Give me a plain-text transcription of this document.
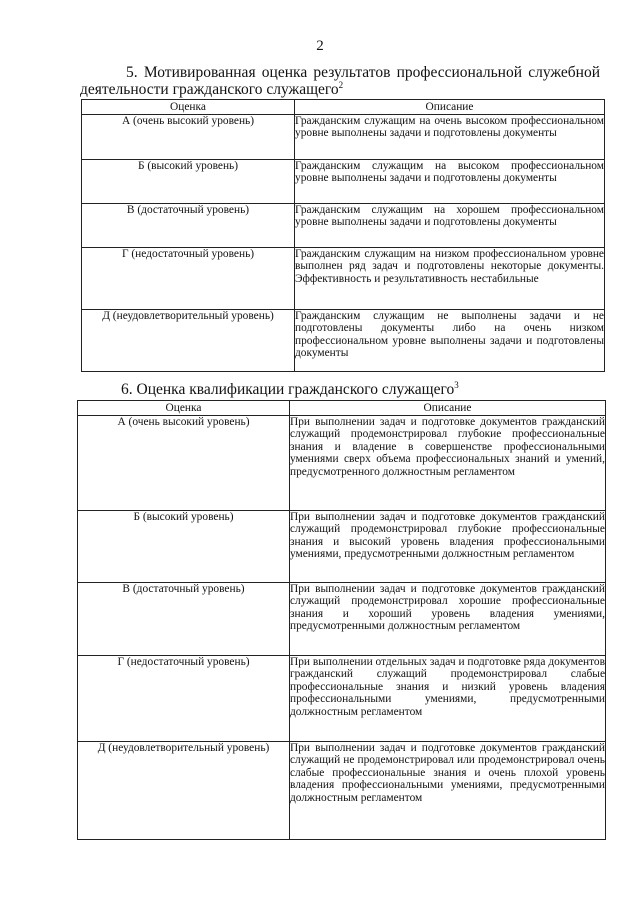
2
5. Мотивированная оценка результатов профессиональной служебной
деятельности гражданского служащего$^2$
Оценка	Описание
А (очень высокий уровень)	Гражданским служащим на очень высоком профессиональном уровне выполнены задачи и подготовлены документы
Б (высокий уровень)	Гражданским служащим на высоком профессиональном уровне выполнены задачи и подготовлены документы
В (достаточный уровень)	Гражданским служащим на хорошем профессиональном уровне выполнены задачи и подготовлены документы
Г (недостаточный уровень)	Гражданским служащим на низком профессиональном уровне выполнен ряд задач и подготовлены некоторые документы. Эффективность и результативность нестабильные
Д (неудовлетворительный уровень)	Гражданским служащим не выполнены задачи и не подготовлены документы либо на очень низком профессиональном уровне выполнены задачи и подготовлены документы
6. Оценка квалификации гражданского служащего$^3$
Оценка	Описание
А (очень высокий уровень)	При выполнении задач и подготовке документов гражданский служащий продемонстрировал глубокие профессиональные знания и владение в совершенстве профессиональными умениями сверх объема профессиональных знаний и умений, предусмотренного должностным регламентом
Б (высокий уровень)	При выполнении задач и подготовке документов гражданский служащий продемонстрировал глубокие профессиональные знания и высокий уровень владения профессиональными умениями, предусмотренными должностным регламентом
В (достаточный уровень)	При выполнении задач и подготовке документов гражданский служащий продемонстрировал хорошие профессиональные знания и хороший уровень владения умениями, предусмотренными должностным регламентом
Г (недостаточный уровень)	При выполнении отдельных задач и подготовке ряда документов гражданский служащий продемонстрировал слабые профессиональные знания и низкий уровень владения профессиональными умениями, предусмотренными должностным регламентом
Д (неудовлетворительный уровень)	При выполнении задач и подготовке документов гражданский служащий не продемонстрировал или продемонстрировал очень слабые профессиональные знания и очень плохой уровень владения профессиональными умениями, предусмотренными должностным регламентом
